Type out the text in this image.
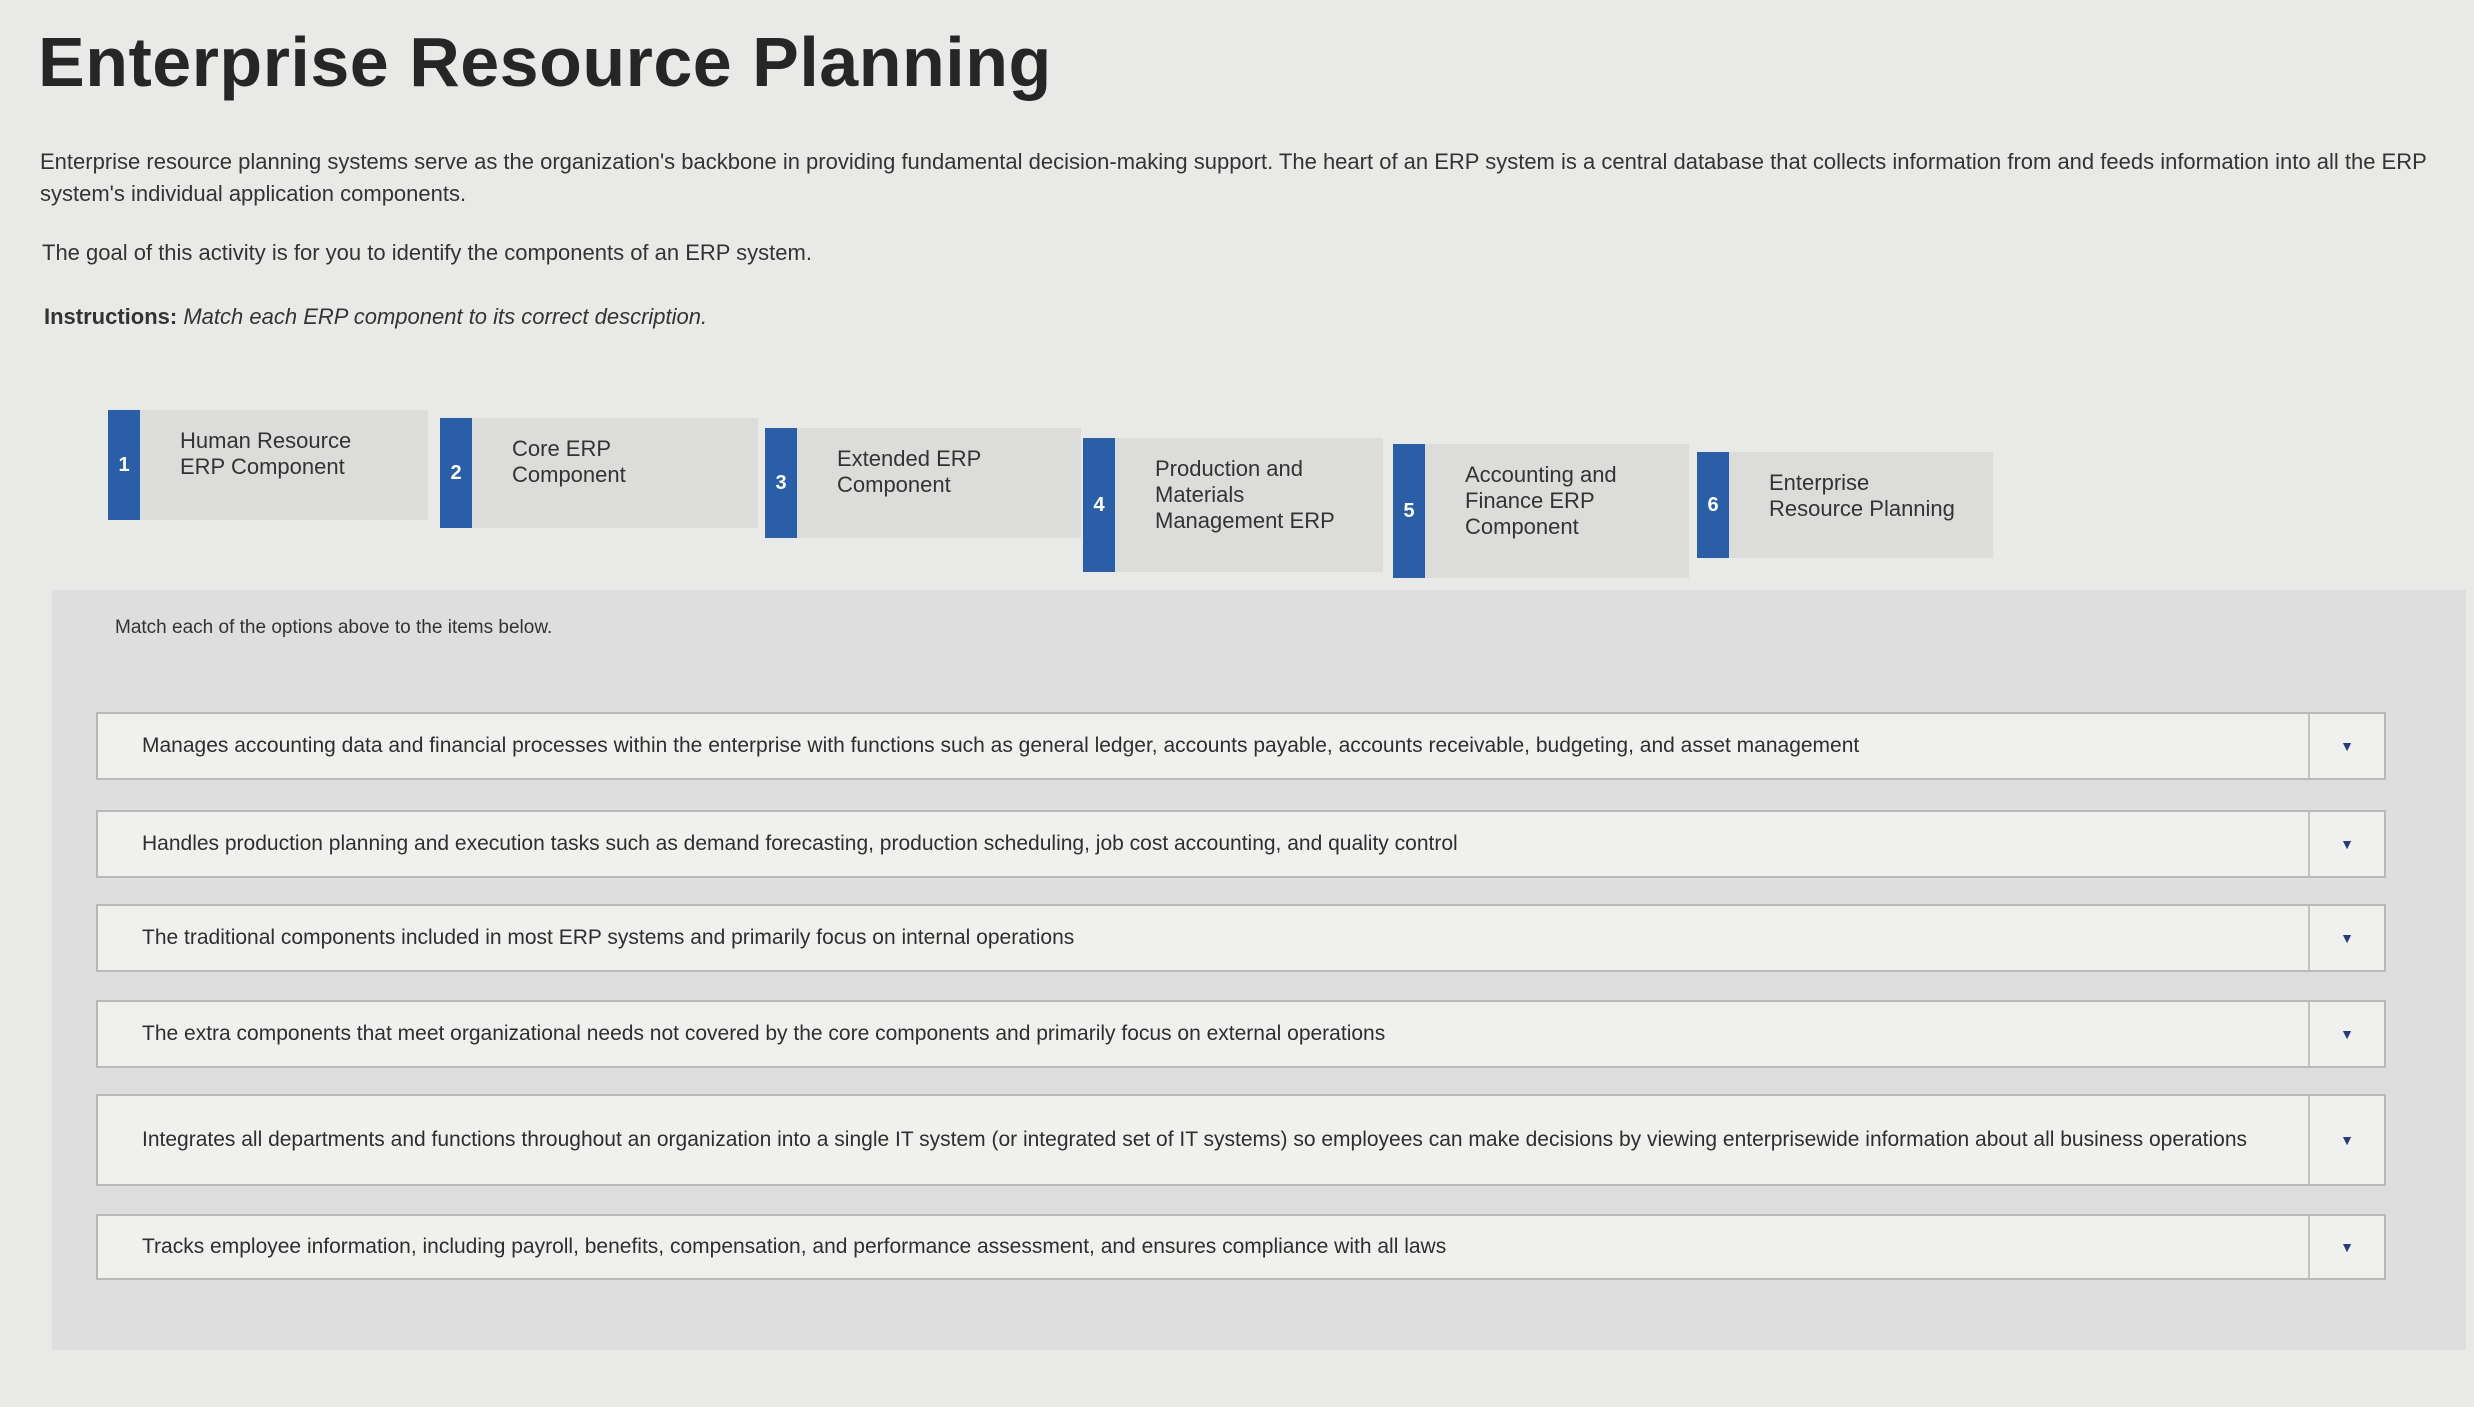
Enterprise Resource Planning
Enterprise resource planning systems serve as the organization's backbone in providing fundamental decision-making support. The heart of an ERP system is a central database that collects information from and feeds information into all the ERP system's individual application components.
The goal of this activity is for you to identify the components of an ERP system.
Instructions: Match each ERP component to its correct description.
1
Human Resource ERP Component	2
Core ERP Component	3
Extended ERP Component
4
Production and Materials Management ERP	5
Accounting and Finance ERP Component
6
Enterprise Resource Planning
Match each of the options above to the items below.
Manages accounting data and financial processes within the enterprise with functions such as general ledger, accounts payable, accounts receivable, budgeting, and asset management	▼
Handles production planning and execution tasks such as demand forecasting, production scheduling, job cost accounting, and quality control	▼
The traditional components included in most ERP systems and primarily focus on internal operations	▼
The extra components that meet organizational needs not covered by the core components and primarily focus on external operations	▼
Integrates all departments and functions throughout an organization into a single IT system (or integrated set of IT systems) so employees can make decisions by viewing enterprisewide information about all business operations	▼
Tracks employee information, including payroll, benefits, compensation, and performance assessment, and ensures compliance with all laws	▼
